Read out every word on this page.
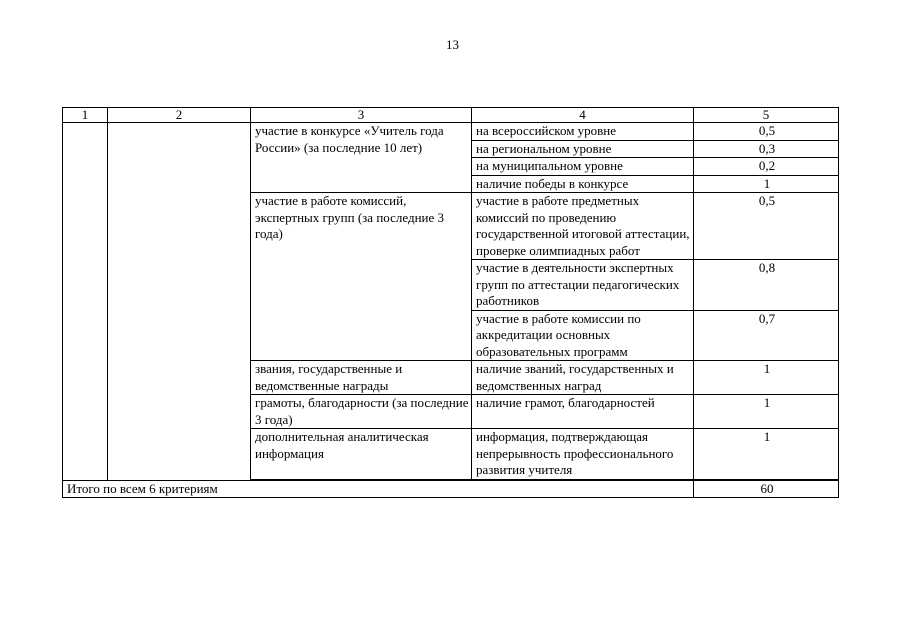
13
1	2	3	4	5
		участие в конкурсе «Учитель года России» (за последние 10 лет)	на всероссийском уровне	0,5
			на региональном уровне	0,3
			на муниципальном уровне	0,2
			наличие победы в конкурсе	1
		участие в работе комиссий, экспертных групп (за последние 3 года)	участие в работе предметных комиссий по проведению государственной итоговой аттестации, проверке олимпиадных работ	0,5
			участие в деятельности экспертных групп по аттестации педагогических работников	0,8
			участие в работе комиссии по аккредитации основных образовательных программ	0,7
		звания, государственные и ведомственные награды	наличие званий, государственных и ведомственных наград	1
		грамоты, благодарности (за последние 3 года)	наличие грамот, благодарностей	1
		дополнительная аналитическая информация	информация, подтверждающая непрерывность профессионального развития учителя	1

Итого по всем 6 критериям				60
